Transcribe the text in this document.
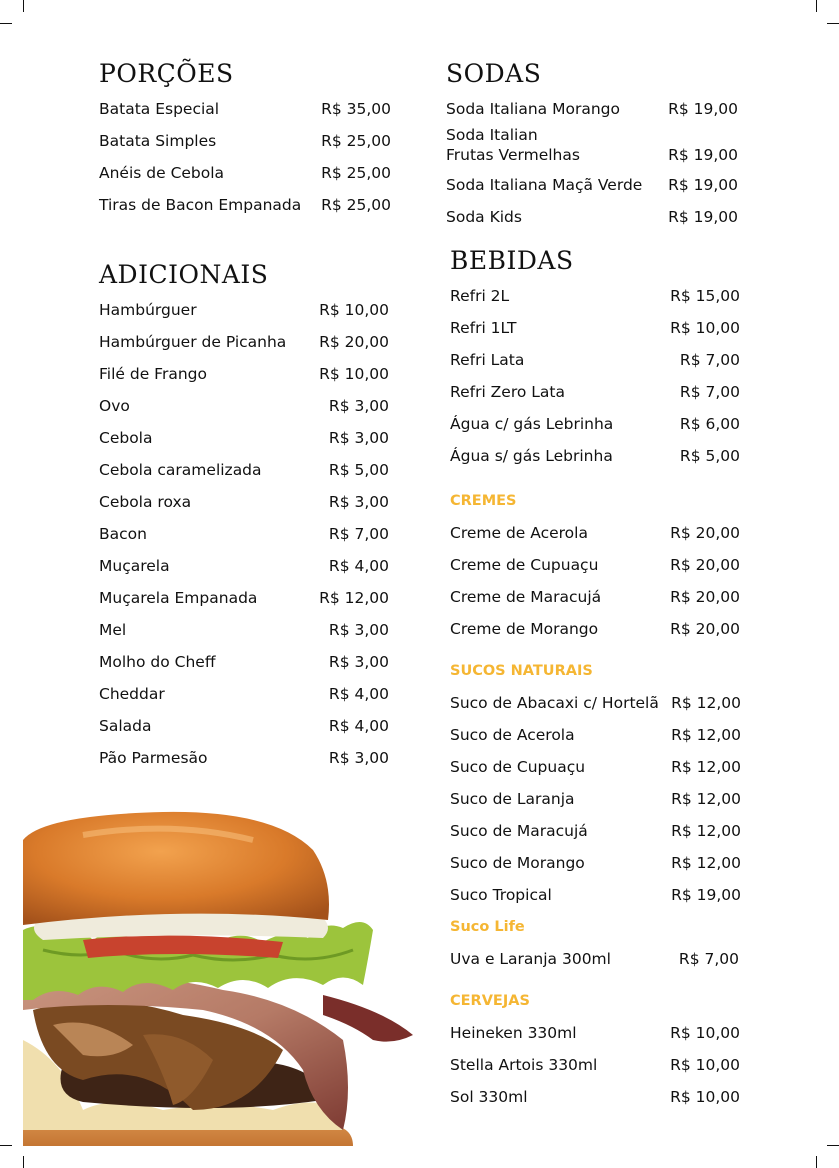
PORÇÕES
Batata Especial	R$ 35,00
Batata Simples	R$ 25,00
Anéis de Cebola	R$ 25,00
Tiras de Bacon Empanada R$ 25,00
ADICIONAIS
Hambúrguer	R$ 10,00
Hambúrguer de Picanha R$ 20,00
Filé de Frango	R$ 10,00
Ovo	R$ 3,00
Cebola	R$ 3,00
Cebola caramelizada	R$ 5,00
Cebola roxa	R$ 3,00
Bacon	R$ 7,00
Muçarela	R$ 4,00
Muçarela Empanada	R$ 12,00
Mel	R$ 3,00
Molho do Cheff	R$ 3,00
Cheddar	R$ 4,00
Salada	R$ 4,00
Pão Parmesão	R$ 3,00
SODAS
Soda Italiana Morango	R$ 19,00
Soda Italian
Frutas Vermelhas	R$ 19,00
Soda Italiana Maçã Verde R$ 19,00
Soda Kids	R$ 19,00
BEBIDAS
Refri 2L	R$ 15,00
Refri 1LT	R$ 10,00
Refri Lata	R$ 7,00
Refri Zero Lata	R$ 7,00
Água c/ gás Lebrinha	R$ 6,00
Água s/ gás Lebrinha	R$ 5,00
CREMES
Creme de Acerola	R$ 20,00
Creme de Cupuaçu	R$ 20,00
Creme de Maracujá	R$ 20,00
Creme de Morango	R$ 20,00
SUCOS NATURAIS
Suco de Abacaxi c/ Hortelã R$ 12,00
Suco de Acerola	R$ 12,00
Suco de Cupuaçu	R$ 12,00
Suco de Laranja	R$ 12,00
Suco de Maracujá	R$ 12,00
Suco de Morango	R$ 12,00
Suco Tropical	R$ 19,00
Suco Life
Uva e Laranja 300ml	R$ 7,00
CERVEJAS
Heineken 330ml	R$ 10,00
Stella Artois 330ml	R$ 10,00
Sol 330ml	R$ 10,00
